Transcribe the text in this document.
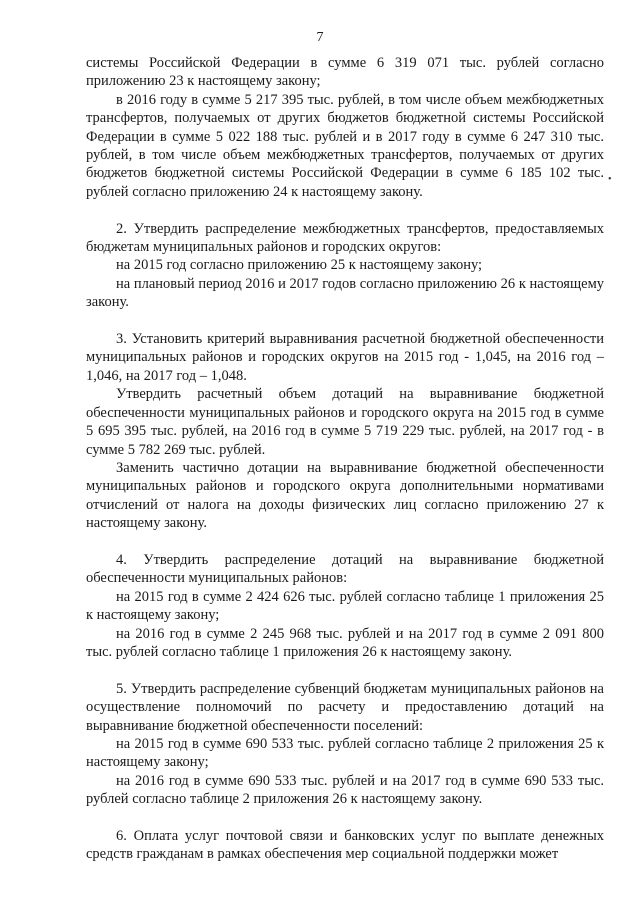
7

системы Российской Федерации в сумме 6 319 071 тыс. рублей согласно приложению 23 к настоящему закону;

в 2016 году в сумме 5 217 395 тыс. рублей, в том числе объем межбюджетных трансфертов, получаемых от других бюджетов бюджетной системы Российской Федерации в сумме 5 022 188 тыс. рублей и в 2017 году в сумме 6 247 310 тыс. рублей, в том числе объем межбюджетных трансфертов, получаемых от других бюджетов бюджетной системы Российской Федерации в сумме 6 185 102 тыс. рублей согласно приложению 24 к настоящему закону.

2. Утвердить распределение межбюджетных трансфертов, предоставляемых бюджетам муниципальных районов и городских округов:

на 2015 год согласно приложению 25 к настоящему закону;

на плановый период 2016 и 2017 годов согласно приложению 26 к настоящему закону.

3. Установить критерий выравнивания расчетной бюджетной обеспеченности муниципальных районов и городских округов на 2015 год - 1,045, на 2016 год – 1,046, на 2017 год – 1,048.

Утвердить расчетный объем дотаций на выравнивание бюджетной обеспеченности муниципальных районов и городского округа на 2015 год в сумме 5 695 395 тыс. рублей, на 2016 год в сумме 5 719 229 тыс. рублей, на 2017 год - в сумме 5 782 269 тыс. рублей.

Заменить частично дотации на выравнивание бюджетной обеспеченности муниципальных районов и городского округа дополнительными нормативами отчислений от налога на доходы физических лиц согласно приложению 27 к настоящему закону.

4. Утвердить распределение дотаций на выравнивание бюджетной обеспеченности муниципальных районов:

на 2015 год в сумме 2 424 626 тыс. рублей согласно таблице 1 приложения 25 к настоящему закону;

на 2016 год в сумме 2 245 968 тыс. рублей и на 2017 год в сумме 2 091 800 тыс. рублей согласно таблице 1 приложения 26 к настоящему закону.

5. Утвердить распределение субвенций бюджетам муниципальных районов на осуществление полномочий по расчету и предоставлению дотаций на выравнивание бюджетной обеспеченности поселений:

на 2015 год в сумме 690 533 тыс. рублей согласно таблице 2 приложения 25 к настоящему закону;

на 2016 год в сумме 690 533 тыс. рублей и на 2017 год в сумме 690 533 тыс. рублей согласно таблице 2 приложения 26 к настоящему закону.

6. Оплата услуг почтовой связи и банковских услуг по выплате денежных средств гражданам в рамках обеспечения мер социальной поддержки может

•
